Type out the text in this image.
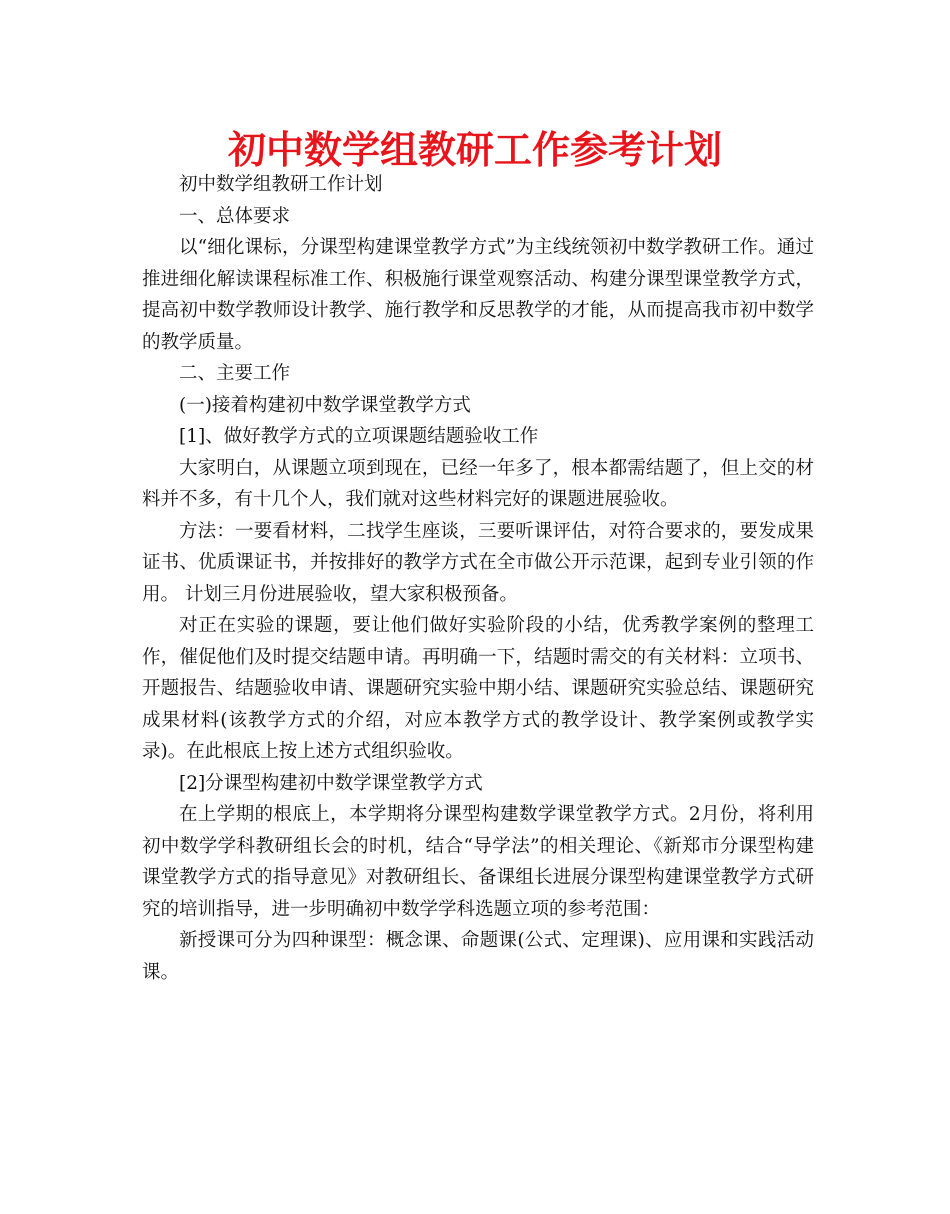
初中数学组教研工作参考计划

初中数学组教研工作计划

一、总体要求

以“细化课标，分课型构建课堂教学方式”为主线统领初中数学教研工作。通过推进细化解读课程标准工作、积极施行课堂观察活动、构建分课型课堂教学方式，提高初中数学教师设计教学、施行教学和反思教学的才能，从而提高我市初中数学的教学质量。

二、主要工作

(一)接着构建初中数学课堂教学方式

[1]、做好教学方式的立项课题结题验收工作

大家明白，从课题立项到现在，已经一年多了，根本都需结题了，但上交的材料并不多，有十几个人，我们就对这些材料完好的课题进展验收。

方法：一要看材料，二找学生座谈，三要听课评估，对符合要求的，要发成果证书、优质课证书，并按排好的教学方式在全市做公开示范课，起到专业引领的作用。 计划三月份进展验收，望大家积极预备。

对正在实验的课题，要让他们做好实验阶段的小结，优秀教学案例的整理工作，催促他们及时提交结题申请。再明确一下，结题时需交的有关材料：立项书、开题报告、结题验收申请、课题研究实验中期小结、课题研究实验总结、课题研究成果材料(该教学方式的介绍，对应本教学方式的教学设计、教学案例或教学实录)。在此根底上按上述方式组织验收。

[2]分课型构建初中数学课堂教学方式

在上学期的根底上，本学期将分课型构建数学课堂教学方式。2月份，将利用初中数学学科教研组长会的时机，结合“导学法”的相关理论、《新郑市分课型构建课堂教学方式的指导意见》对教研组长、备课组长进展分课型构建课堂教学方式研究的培训指导，进一步明确初中数学学科选题立项的参考范围：

新授课可分为四种课型：概念课、命题课(公式、定理课)、应用课和实践活动课。
